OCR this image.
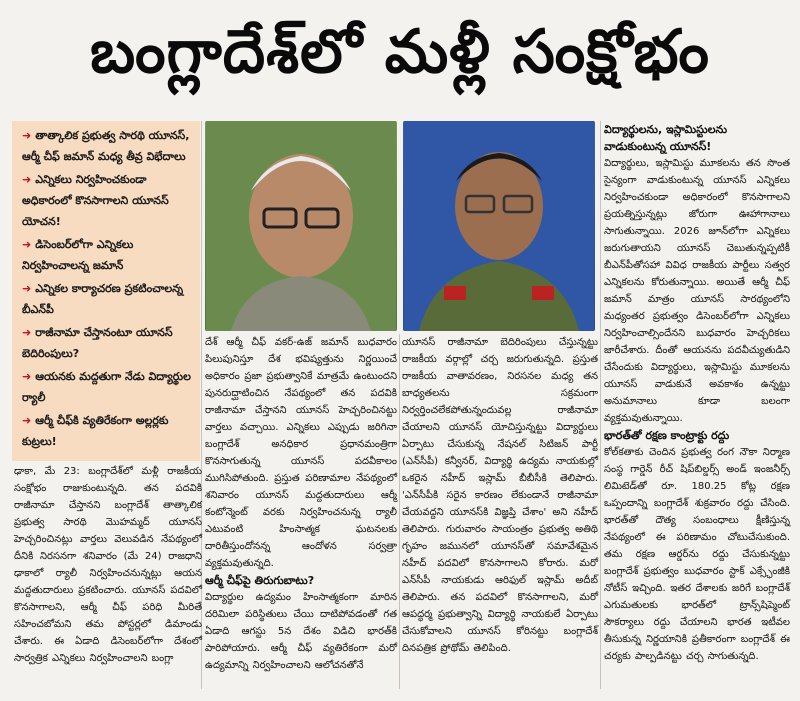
బంగ్లాదేశ్‌లో మళ్లీ సంక్షోభం
➜ తాత్కాలిక ప్రభుత్వ సారథి యూనస్, ఆర్మీ చీఫ్ జమాన్ మధ్య తీవ్ర విభేదాలు
➜ ఎన్నికలు నిర్వహించకుండా అధికారంలో కొనసాగాలని యూనస్ యోచన!
➜ డిసెంబర్‌లోగా ఎన్నికలు నిర్వహించాలన్న జమాన్
➜ ఎన్నికల కార్యాచరణ ప్రకటించాలన్న బీఎన్‌పీ
➜ రాజీనామా చేస్తానంటూ యూనస్ బెదిరింపులు?
➜ ఆయనకు మద్దతుగా నేడు విద్యార్థుల ర్యాలీ
➜ ఆర్మీ చీఫ్‌కి వ్యతిరేకంగా అల్లర్లకు కుట్రలు!
ఢాకా, మే 23: బంగ్లాదేశ్‌లో మళ్లీ రాజకీయ సంక్షోభం రాజుకుంటున్నది. తన పదవికి రాజీనామా చేస్తానని బంగ్లాదేశ్ తాత్కాలిక ప్రభుత్వ సారథి మొహమ్మద్ యూనస్ హెచ్చరించినట్లు వార్తలు వెలువడిన నేపథ్యంలో దీనికి నిరసనగా శనివారం (మే 24) రాజధాని ఢాకాలో ర్యాలీ నిర్వహించనున్నట్లు ఆయన మద్దతుదారులు ప్రకటించారు. యూనస్ పదవిలో కొనసాగాలని, ఆర్మీ చీఫ్ పరిధి మీరితే సహించబోమని తమ పోస్టర్లలో డిమాండు చేశారు. ఈ ఏడాది డిసెంబర్‌లోగా దేశంలో సార్వత్రిక ఎన్నికలు నిర్వహించాలని బంగ్లా
దేశ్ ఆర్మీ చీఫ్ వకర్-ఉజ్ జమాన్ బుధవారం పిలుపునిస్తూ దేశ భవిష్యత్తును నిర్ణయించే అధికారం ప్రజా ప్రభుత్వానికే మాత్రమే ఉంటుందని పునరుద్ఘాటించిన నేపథ్యంలో తన పదవికి రాజీనామా చేస్తానని యూనస్ హెచ్చరించినట్టు వార్తలు వచ్చాయి. ఎన్నికలు ఎప్పుడు జరిగినా బంగ్లాదేశ్ అనధికార ప్రధానమంత్రిగా కొనసాగుతున్న యూనస్ పదవీకాలం ముగిసిపోతుంది. ప్రస్తుత పరిణామాల నేపథ్యంలో శనివారం యూనస్ మద్దతుదారులు ఆర్మీ కంటోన్మెంట్ వరకు నిర్వహించనున్న ర్యాలీ ఎటువంటి హింసాత్మక ఘటనలకు దారితీస్తుందోనన్న ఆందోళన సర్వత్రా వ్యక్తమవుతున్నది.
ఆర్మీ చీఫ్‌పై తిరుగుబాటు?
విద్యార్థుల ఉద్యమం హింసాత్మకంగా మారిన దరిమిలా పరిస్థితులు చేయి దాటిపోవడంతో గత ఏడాది ఆగస్టు 5న దేశం విడిచి భారత్‌కి పారిపోయారు. ఆర్మీ చీఫ్ వ్యతిరేకంగా మరో ఉద్యమాన్ని నిర్వహించాలని ఆలోచనతోనే
యూనస్ రాజీనామా బెదిరింపులు చేస్తున్నట్టు రాజకీయ వర్గాల్లో చర్చ జరుగుతున్నది. ప్రస్తుత రాజకీయ వాతావరణం, నిరసనల మధ్య తన బాధ్యతలను సక్రమంగా నిర్వర్తించలేకపోతున్నందువల్ల రాజీనామా చేయాలని యూనస్ యోచిస్తున్నట్టు విద్యార్థులు ఏర్పాటు చేసుకున్న నేషనల్ సిటిజన్ పార్టీ (ఎన్‌సీపీ) కన్వీనర్, విద్యార్థి ఉద్యమ నాయకుల్లో ఒకరైన నహీద్ ఇస్లామ్ బీబీసీకి తెలిపారు. 'ఎన్‌సీపీకి సరైన కారణం లేకుండానే రాజీనామా చేయవద్దని యూనస్‌కి విజ్ఞప్తి చేశాం' అని నహీద్ తెలిపారు. గురువారం సాయంత్రం ప్రభుత్వ అతిథి గృహం జమునలో యూనస్‌తో సమావేశమైన నహీద్ పదవిలో కొనసాగాలని కోరారు. మరో ఎన్‌సీపీ నాయకుడు ఆరిఫుల్ ఇస్లామ్ అదీబ్ తెలిపారు. తన పదవిలో కొనసాగాలని, మరో ఆపద్ధర్మ ప్రభుత్వాన్ని విద్యార్థి నాయకులే ఏర్పాటు చేసుకోవాలని యూనస్ కోరినట్టు బంగ్లాదేశ్ దినపత్రిక ప్రోథోమ్ తెలిపింది.
విద్యార్థులను, ఇస్లామిస్టులను వాడుకుంటున్న యూనస్!
విద్యార్థులు, ఇస్లామిస్టు మూకలను తన సొంత సైన్యంగా వాడుకుంటున్న యూనస్ ఎన్నికలు నిర్వహించకుండా అధికారంలో కొనసాగాలని ప్రయత్నిస్తున్నట్లు జోరుగా ఊహాగానాలు సాగుతున్నాయి. 2026 జూన్‌లోగా ఎన్నికలు జరుగుతాయని యూనస్ చెబుతున్నప్పటికీ బీఎన్‌పీతోసహా వివిధ రాజకీయ పార్టీలు సత్వర ఎన్నికలను కోరుతున్నాయి. అయితే ఆర్మీ చీఫ్ జమాన్ మాత్రం యూనస్ సారథ్యంలోని మధ్యంతర ప్రభుత్వం డిసెంబర్‌లోగా ఎన్నికలు నిర్వహించాల్సిందేనని బుధవారం హెచ్చరికలు జారీచేశారు. దీంతో ఆయనను పదవీచ్యుతుడిని చేసేందుకు విద్యార్థులు, ఇస్లామిస్టు మూకలను యూనస్ వాడుకునే అవకాశం ఉన్నట్టు అనుమానాలు కూడా బలంగా వ్యక్తమవుతున్నాయి.
భారత్‌తో రక్షణ కాంట్రాక్టు రద్దు
కోల్‌కతాకు చెందిన ప్రభుత్వ రంగ నౌకా నిర్మాణ సంస్థ గార్డెన్ రీచ్ షిప్‌బిల్డర్స్ అండ్ ఇంజనీర్స్ లిమిటెడ్‌తో రూ. 180.25 కోట్ల రక్షణ ఒప్పందాన్ని బంగ్లాదేశ్ శుక్రవారం రద్దు చేసింది. భారత్‌తో దౌత్య సంబంధాలు క్షీణిస్తున్న నేపథ్యంలో ఈ పరిణామం చోటుచేసుకుంది. తమ రక్షణ ఆర్డర్‌ను రద్దు చేసుకున్నట్టు బంగ్లాదేశ్ ప్రభుత్వం బుధవారం స్టాక్ ఎక్స్ఛేంజీకి నోటీస్ ఇచ్చింది. ఇతర దేశాలకు జరిగే బంగ్లాదేశ్ ఎగుమతులకు భారత్‌లో ట్రాన్స్‌షిప్మెంట్ సౌకర్యాలు రద్దు చేయాలని భారత ఇటీవల తీసుకున్న నిర్ణయానికి ప్రతీకారంగా బంగ్లాదేశ్ ఈ చర్యకు పాల్పడినట్టు చర్చ సాగుతున్నది.
